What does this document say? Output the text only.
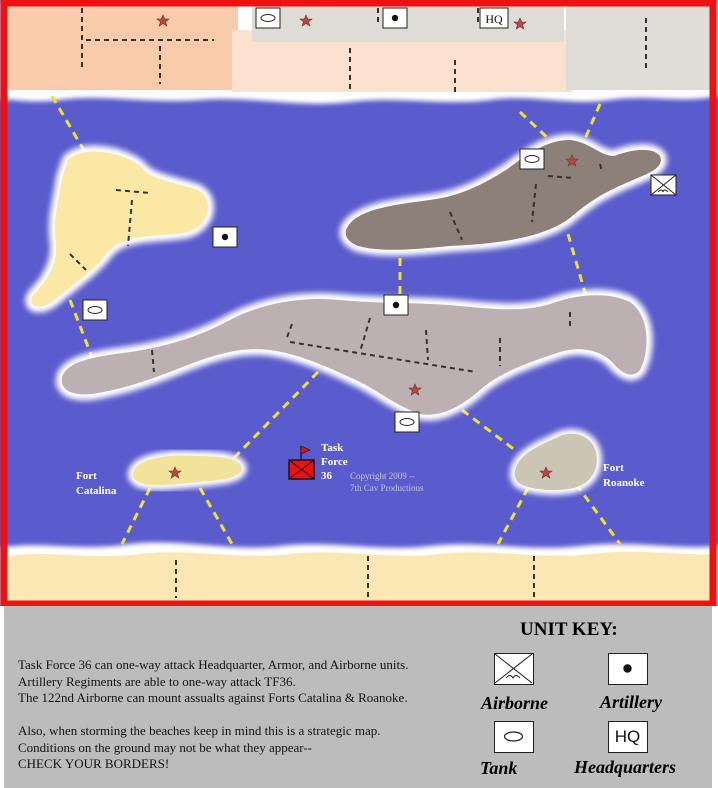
HQ
Task Force 36	Copyright 2009 -- 7th Cav Productions
Fort Catalina
Fort Roanoke
Task Force 36 can one-way attack Headquarter, Armor, and Airborne units.
Artillery Regiments are able to one-way attack TF36.
The 122nd Airborne can mount assualts against Forts Catalina & Roanoke.
Also, when storming the beaches keep in mind this is a strategic map.
Conditions on the ground may not be what they appear--
CHECK YOUR BORDERS!
UNIT KEY:
Airborne	Artillery
Tank
HQ
Headquarters
